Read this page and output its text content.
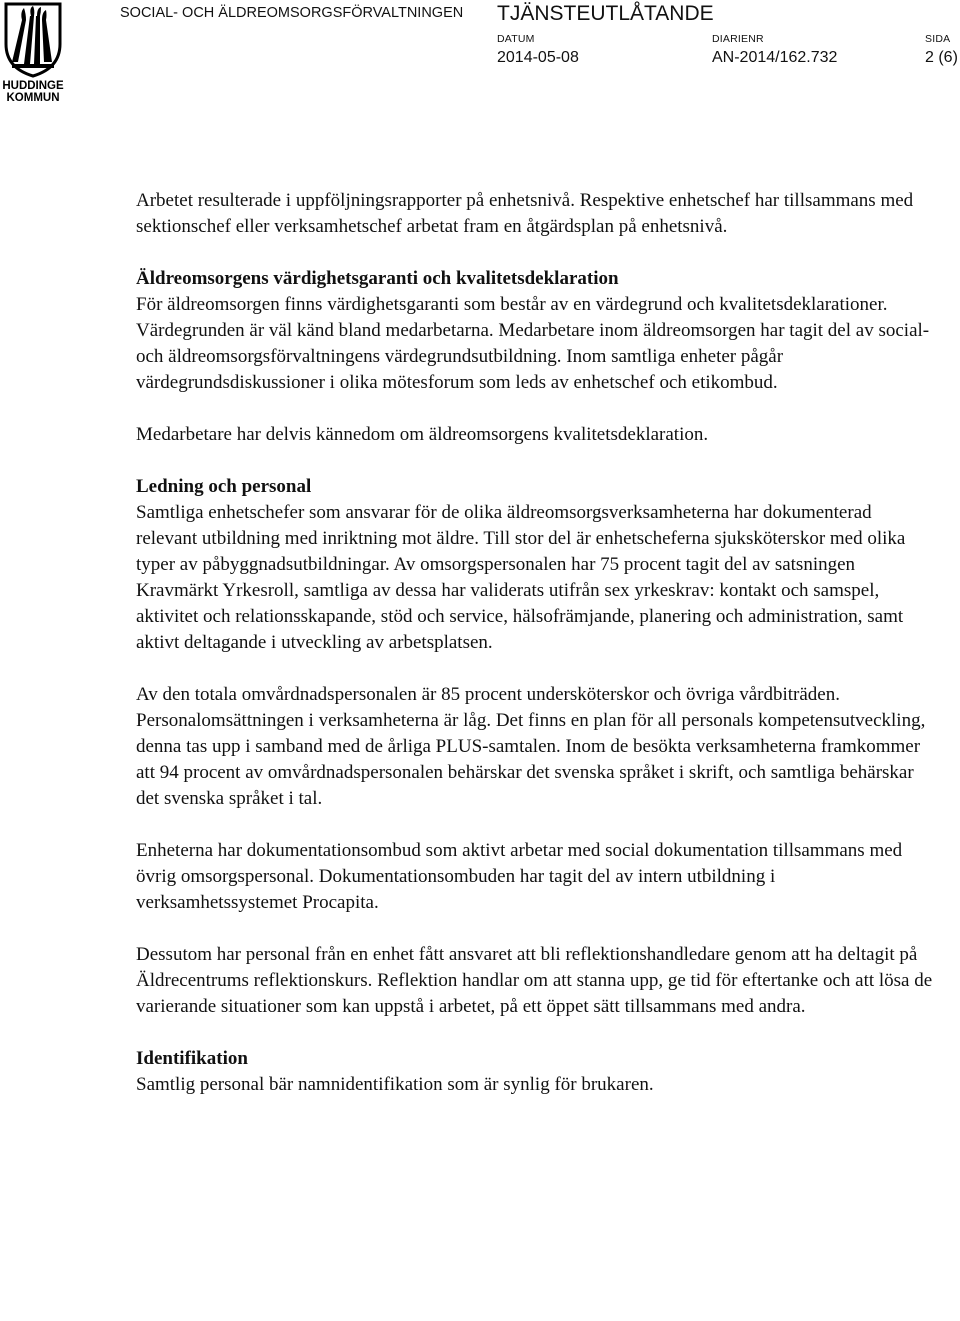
HUDDINGE
KOMMUN
SOCIAL- OCH ÄLDREOMSORGSFÖRVALTNINGEN TJÄNSTEUTLÅTANDE
DATUM	DIARIENR	SIDA
2014-05-08	AN-2014/162.732	2 (6)

Arbetet resulterade i uppföljningsrapporter på enhetsnivå. Respektive enhetschef har tillsammans med sektionschef eller verksamhetschef arbetat fram en åtgärdsplan på enhetsnivå.

Äldreomsorgens värdighetsgaranti och kvalitetsdeklaration

För äldreomsorgen finns värdighetsgaranti som består av en värdegrund och kvalitetsdeklarationer. Värdegrunden är väl känd bland medarbetarna. Medarbetare inom äldreomsorgen har tagit del av social- och äldreomsorgsförvaltningens värdegrundsutbildning. Inom samtliga enheter pågår värdegrundsdiskussioner i olika mötesforum som leds av enhetschef och etikombud.

Medarbetare har delvis kännedom om äldreomsorgens kvalitetsdeklaration.

Ledning och personal

Samtliga enhetschefer som ansvarar för de olika äldreomsorgsverksamheterna har dokumenterad relevant utbildning med inriktning mot äldre. Till stor del är enhetscheferna sjuksköterskor med olika typer av påbyggnadsutbildningar. Av omsorgspersonalen har 75 procent tagit del av satsningen Kravmärkt Yrkesroll, samtliga av dessa har validerats utifrån sex yrkeskrav: kontakt och samspel, aktivitet och relationsskapande, stöd och service, hälsofrämjande, planering och administration, samt aktivt deltagande i utveckling av arbetsplatsen.

Av den totala omvårdnadspersonalen är 85 procent undersköterskor och övriga vårdbiträden. Personalomsättningen i verksamheterna är låg. Det finns en plan för all personals kompetensutveckling, denna tas upp i samband med de årliga PLUS-samtalen. Inom de besökta verksamheterna framkommer att 94 procent av omvårdnadspersonalen behärskar det svenska språket i skrift, och samtliga behärskar det svenska språket i tal.

Enheterna har dokumentationsombud som aktivt arbetar med social dokumentation tillsammans med övrig omsorgspersonal. Dokumentationsombuden har tagit del av intern utbildning i verksamhetssystemet Procapita.

Dessutom har personal från en enhet fått ansvaret att bli reflektionshandledare genom att ha deltagit på Äldrecentrums reflektionskurs. Reflektion handlar om att stanna upp, ge tid för eftertanke och att lösa de varierande situationer som kan uppstå i arbetet, på ett öppet sätt tillsammans med andra.

Identifikation

Samtlig personal bär namnidentifikation som är synlig för brukaren.
